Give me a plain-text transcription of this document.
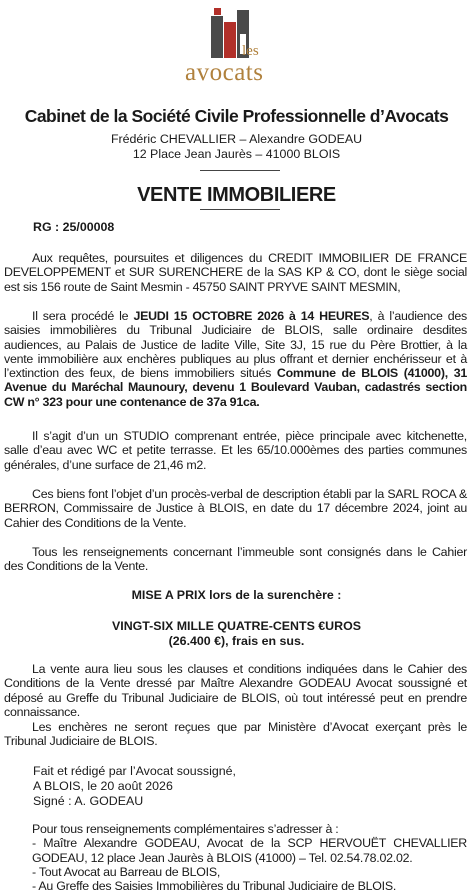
les
avocats
Cabinet de la Société Civile Professionnelle d’Avocats
Frédéric CHEVALLIER – Alexandre GODEAU
12 Place Jean Jaurès – 41000 BLOIS
VENTE IMMOBILIERE
RG : 25/00008
Aux requêtes, poursuites et diligences du CREDIT IMMOBILIER DE FRANCE DEVELOPPEMENT et SUR SURENCHERE de la SAS KP & CO, dont le siège social est sis 156 route de Saint Mesmin - 45750 SAINT PRYVE SAINT MESMIN,
Il sera procédé le JEUDI 15 OCTOBRE 2026 à 14 HEURES, à l’audience des saisies immobilières du Tribunal Judiciaire de BLOIS, salle ordinaire desdites audiences, au Palais de Justice de ladite Ville, Site 3J, 15 rue du Père Brottier, à la vente immobilière aux enchères publiques au plus offrant et dernier enchérisseur et à l’extinction des feux, de biens immobiliers situés Commune de BLOIS (41000), 31 Avenue du Maréchal Maunoury, devenu 1 Boulevard Vauban, cadastrés section CW n° 323 pour une contenance de 37a 91ca.
Il s’agit d’un un STUDIO comprenant entrée, pièce principale avec kitchenette, salle d’eau avec WC et petite terrasse. Et les 65/10.000èmes des parties communes générales, d’une surface de 21,46 m2.
Ces biens font l’objet d’un procès-verbal de description établi par la SARL ROCA & BERRON, Commissaire de Justice à BLOIS, en date du 17 décembre 2024, joint au Cahier des Conditions de la Vente.
Tous les renseignements concernant l’immeuble sont consignés dans le Cahier des Conditions de la Vente.
MISE A PRIX lors de la surenchère :
VINGT-SIX MILLE QUATRE-CENTS €UROS
(26.400 €), frais en sus.
La vente aura lieu sous les clauses et conditions indiquées dans le Cahier des Conditions de la Vente dressé par Maître Alexandre GODEAU Avocat soussigné et déposé au Greffe du Tribunal Judiciaire de BLOIS, où tout intéressé peut en prendre connaissance.
Les enchères ne seront reçues que par Ministère d’Avocat exerçant près le Tribunal Judiciaire de BLOIS.
Fait et rédigé par l’Avocat soussigné,
A BLOIS, le 20 août 2026
Signé : A. GODEAU
Pour tous renseignements complémentaires s’adresser à :
- Maître Alexandre GODEAU, Avocat de la SCP HERVOUËT CHEVALLIER GODEAU, 12 place Jean Jaurès à BLOIS (41000) – Tel. 02.54.78.02.02.
- Tout Avocat au Barreau de BLOIS,
- Au Greffe des Saisies Immobilières du Tribunal Judiciaire de BLOIS.
